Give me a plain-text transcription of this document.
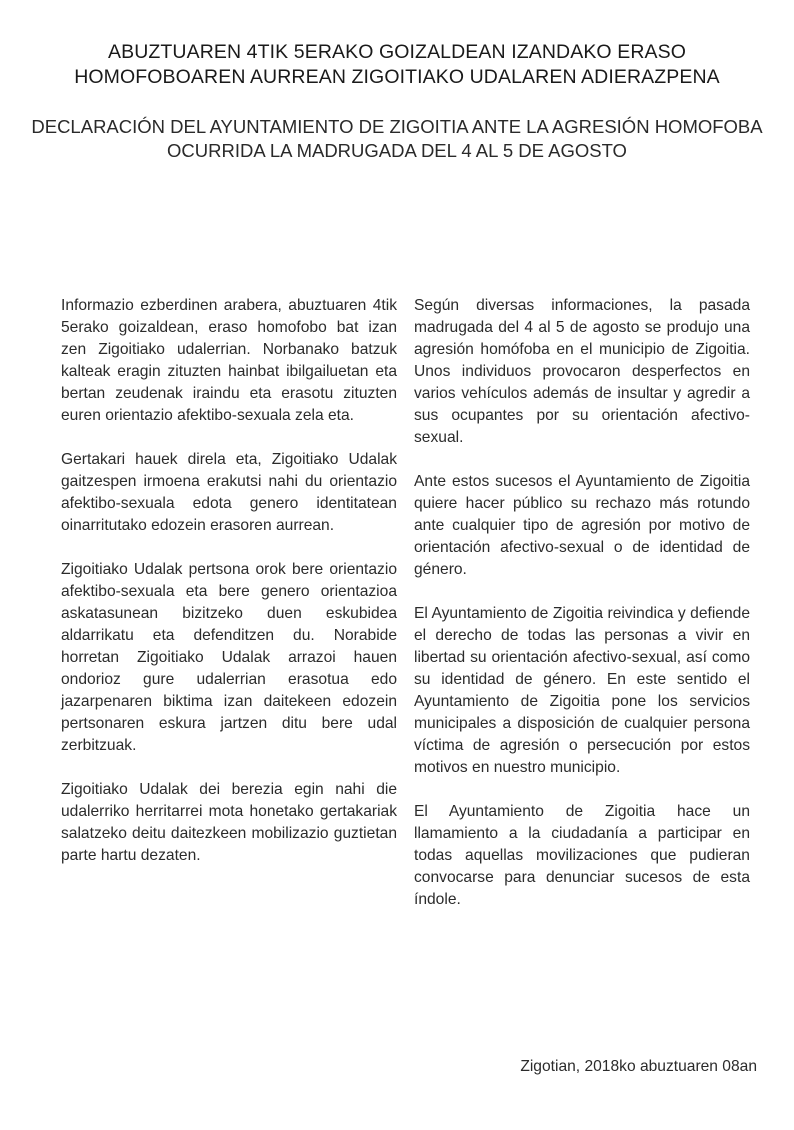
ABUZTUAREN 4TIK 5ERAKO GOIZALDEAN IZANDAKO ERASO HOMOFOBOAREN AURREAN ZIGOITIAKO UDALAREN ADIERAZPENA
DECLARACIÓN DEL AYUNTAMIENTO DE ZIGOITIA ANTE LA AGRESIÓN HOMOFOBA OCURRIDA LA MADRUGADA DEL 4 AL 5 DE AGOSTO

Informazio ezberdinen arabera, abuztuaren 4tik 5erako goizaldean, eraso homofobo bat izan zen Zigoitiako udalerrian. Norbanako batzuk kalteak eragin zituzten hainbat ibilgailuetan eta bertan zeudenak iraindu eta erasotu zituzten euren orientazio afektibo-sexuala zela eta.

Gertakari hauek direla eta, Zigoitiako Udalak gaitzespen irmoena erakutsi nahi du orientazio afektibo-sexuala edota genero identitatean oinarritutako edozein erasoren aurrean.

Zigoitiako Udalak pertsona orok bere orientazio afektibo-sexuala eta bere genero orientazioa askatasunean bizitzeko duen eskubidea aldarrikatu eta defenditzen du. Norabide horretan Zigoitiako Udalak arrazoi hauen ondorioz gure udalerrian erasotua edo jazarpenaren biktima izan daitekeen edozein pertsonaren eskura jartzen ditu bere udal zerbitzuak.

Zigoitiako Udalak dei berezia egin nahi die udalerriko herritarrei mota honetako gertakariak salatzeko deitu daitezkeen mobilizazio guztietan parte hartu dezaten.

Según diversas informaciones, la pasada madrugada del 4 al 5 de agosto se produjo una agresión homófoba en el municipio de Zigoitia. Unos individuos provocaron desperfectos en varios vehículos además de insultar y agredir a sus ocupantes por su orientación afectivo-sexual.

Ante estos sucesos el Ayuntamiento de Zigoitia quiere hacer público su rechazo más rotundo ante cualquier tipo de agresión por motivo de orientación afectivo-sexual o de identidad de género.

El Ayuntamiento de Zigoitia reivindica y defiende el derecho de todas las personas a vivir en libertad su orientación afectivo-sexual, así como su identidad de género. En este sentido el Ayuntamiento de Zigoitia pone los servicios municipales a disposición de cualquier persona víctima de agresión o persecución por estos motivos en nuestro municipio.

El Ayuntamiento de Zigoitia hace un llamamiento a la ciudadanía a participar en todas aquellas movilizaciones que pudieran convocarse para denunciar sucesos de esta índole.

Zigotian, 2018ko abuztuaren 08an
